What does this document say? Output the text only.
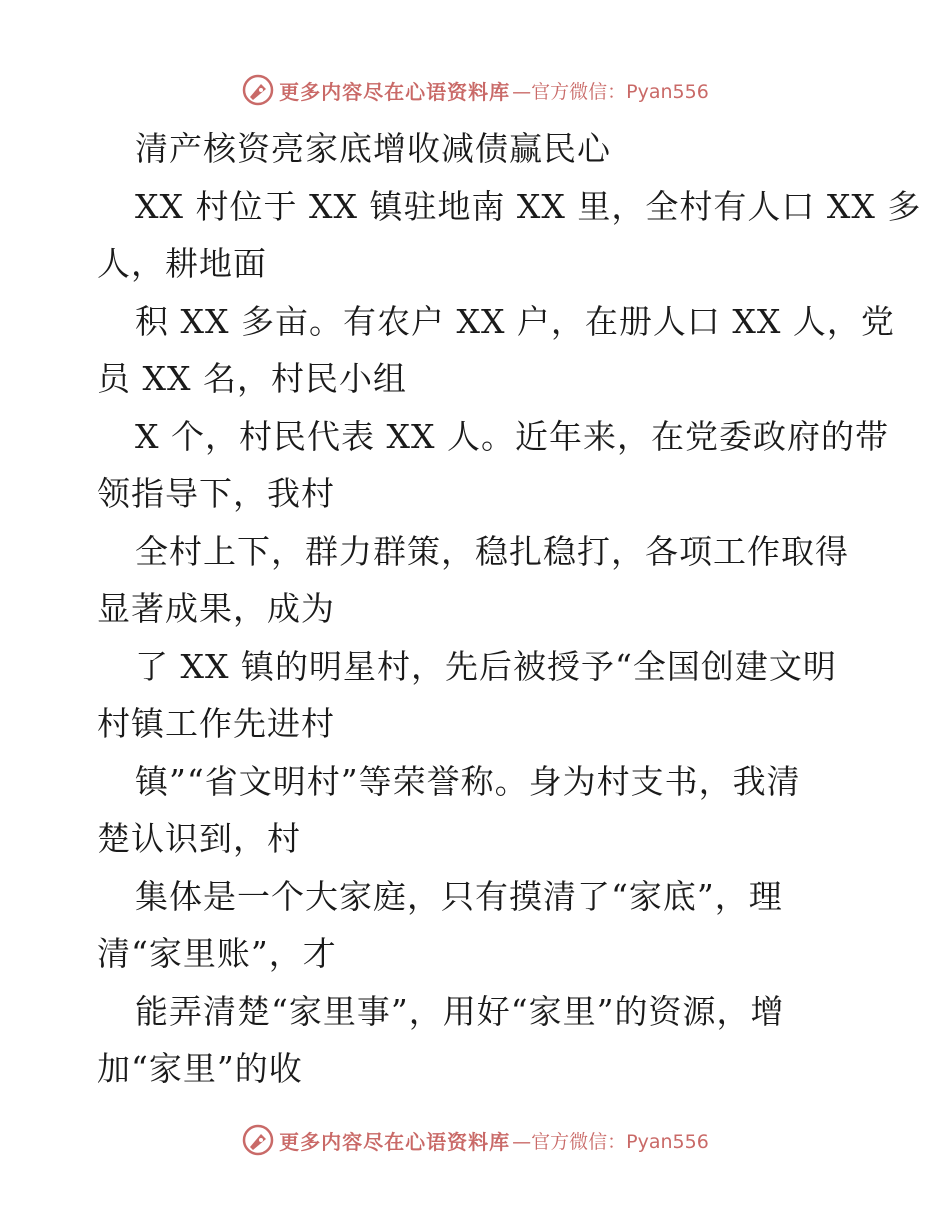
更多内容尽在心语资料库 —官方微信：Pyan556
清产核资亮家底增收减债赢民心
XX 村位于 XX 镇驻地南 XX 里，全村有人口 XX 多
人，耕地面
积 XX 多亩。有农户 XX 户，在册人口 XX 人，党
员 XX 名，村民小组
X 个，村民代表 XX 人。近年来，在党委政府的带
领指导下，我村
全村上下，群力群策，稳扎稳打，各项工作取得
显著成果，成为
了 XX 镇的明星村，先后被授予“全国创建文明
村镇工作先进村
镇”“省文明村”等荣誉称。身为村支书，我清
楚认识到，村
集体是一个大家庭，只有摸清了“家底”，理
清“家里账”，才
能弄清楚“家里事”，用好“家里”的资源，增
加“家里”的收
更多内容尽在心语资料库 —官方微信：Pyan556
